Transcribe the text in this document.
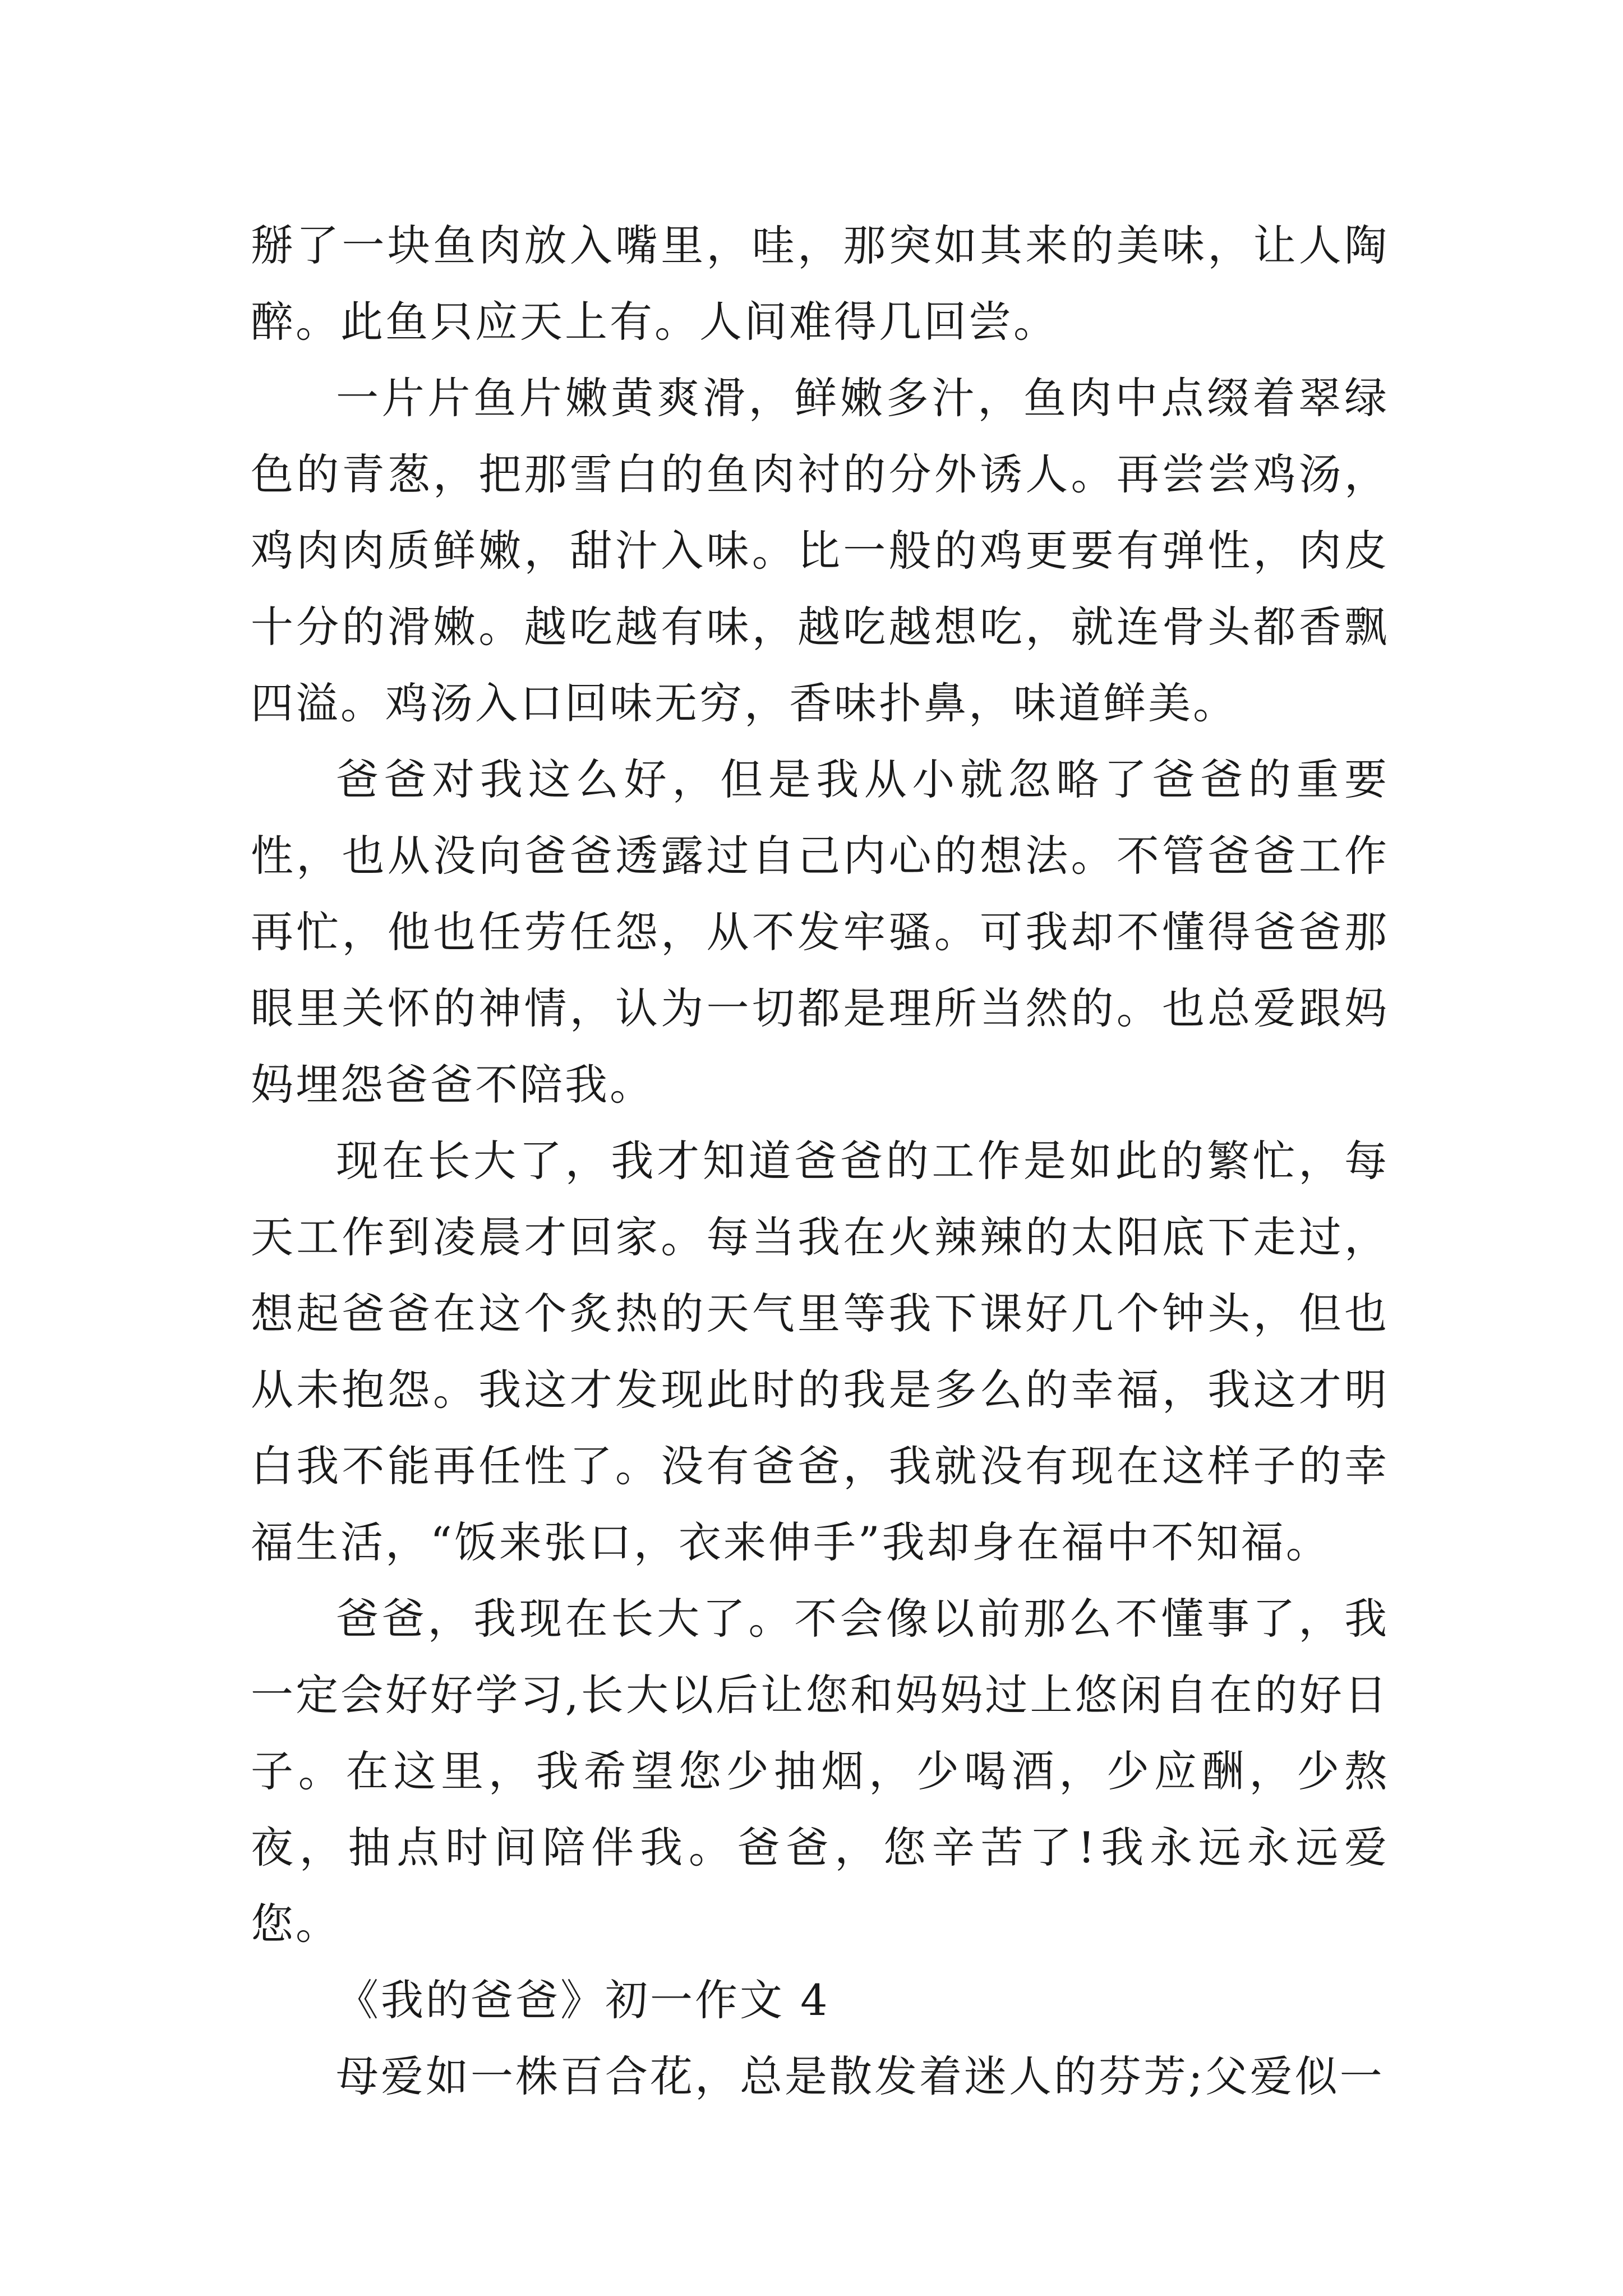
掰了一块鱼肉放入嘴里，哇，那突如其来的美味，让人陶醉。此鱼只应天上有。人间难得几回尝。

一片片鱼片嫩黄爽滑，鲜嫩多汁，鱼肉中点缀着翠绿色的青葱，把那雪白的鱼肉衬的分外诱人。再尝尝鸡汤，鸡肉肉质鲜嫩，甜汁入味。比一般的鸡更要有弹性，肉皮十分的滑嫩。越吃越有味，越吃越想吃，就连骨头都香飘四溢。鸡汤入口回味无穷，香味扑鼻，味道鲜美。

爸爸对我这么好，但是我从小就忽略了爸爸的重要性，也从没向爸爸透露过自己内心的想法。不管爸爸工作再忙，他也任劳任怨，从不发牢骚。可我却不懂得爸爸那眼里关怀的神情，认为一切都是理所当然的。也总爱跟妈妈埋怨爸爸不陪我。

现在长大了，我才知道爸爸的工作是如此的繁忙，每天工作到凌晨才回家。每当我在火辣辣的太阳底下走过，想起爸爸在这个炙热的天气里等我下课好几个钟头，但也从未抱怨。我这才发现此时的我是多么的幸福，我这才明白我不能再任性了。没有爸爸，我就没有现在这样子的幸福生活，“饭来张口，衣来伸手”我却身在福中不知福。

爸爸，我现在长大了。不会像以前那么不懂事了，我一定会好好学习,长大以后让您和妈妈过上悠闲自在的好日子。在这里，我希望您少抽烟，少喝酒，少应酬，少熬夜，抽点时间陪伴我。爸爸，您辛苦了!我永远永远爱您。

《我的爸爸》初一作文 4

母爱如一株百合花，总是散发着迷人的芬芳;父爱似一
